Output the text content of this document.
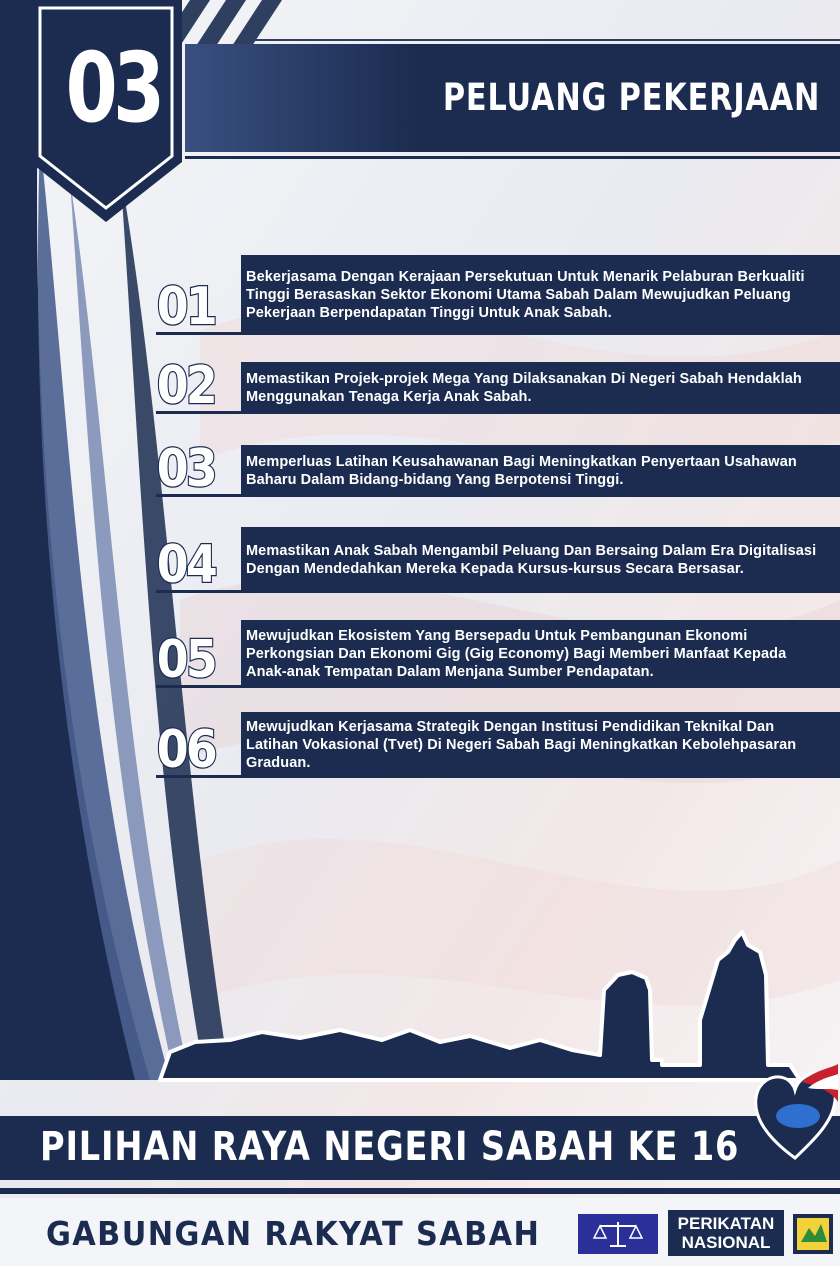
03	PELUANG PEKERJAAN
01 Bekerjasama Dengan Kerajaan Persekutuan Untuk Menarik Pelaburan Berkualiti Tinggi Berasaskan Sektor Ekonomi Utama Sabah Dalam Mewujudkan Peluang Pekerjaan Berpendapatan Tinggi Untuk Anak Sabah.
02 Memastikan Projek-projek Mega Yang Dilaksanakan Di Negeri Sabah Hendaklah Menggunakan Tenaga Kerja Anak Sabah.
03 Memperluas Latihan Keusahawanan Bagi Meningkatkan Penyertaan Usahawan Baharu Dalam Bidang-bidang Yang Berpotensi Tinggi.
04 Memastikan Anak Sabah Mengambil Peluang Dan Bersaing Dalam Era Digitalisasi Dengan Mendedahkan Mereka Kepada Kursus-kursus Secara Bersasar.
05 Mewujudkan Ekosistem Yang Bersepadu Untuk Pembangunan Ekonomi Perkongsian Dan Ekonomi Gig (Gig Economy) Bagi Memberi Manfaat Kepada Anak-anak Tempatan Dalam Menjana Sumber Pendapatan.
06 Mewujudkan Kerjasama Strategik Dengan Institusi Pendidikan Teknikal Dan Latihan Vokasional (Tvet) Di Negeri Sabah Bagi Meningkatkan Kebolehpasaran Graduan.
PILIHAN RAYA NEGERI SABAH KE 16
GABUNGAN RAKYAT SABAH	PERIKATAN
NASIONAL
